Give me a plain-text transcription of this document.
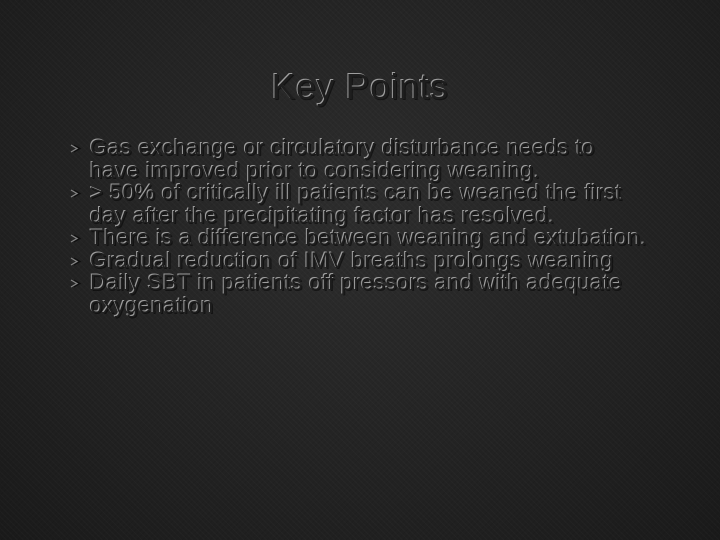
Key Points
Gas exchange or circulatory disturbance needs to have improved prior to considering weaning.
> 50% of critically ill patients can be weaned the first day after the precipitating factor has resolved.
There is a difference between weaning and extubation.
Gradual reduction of IMV breaths prolongs weaning
Daily SBT in patients off pressors and with adequate oxygenation
